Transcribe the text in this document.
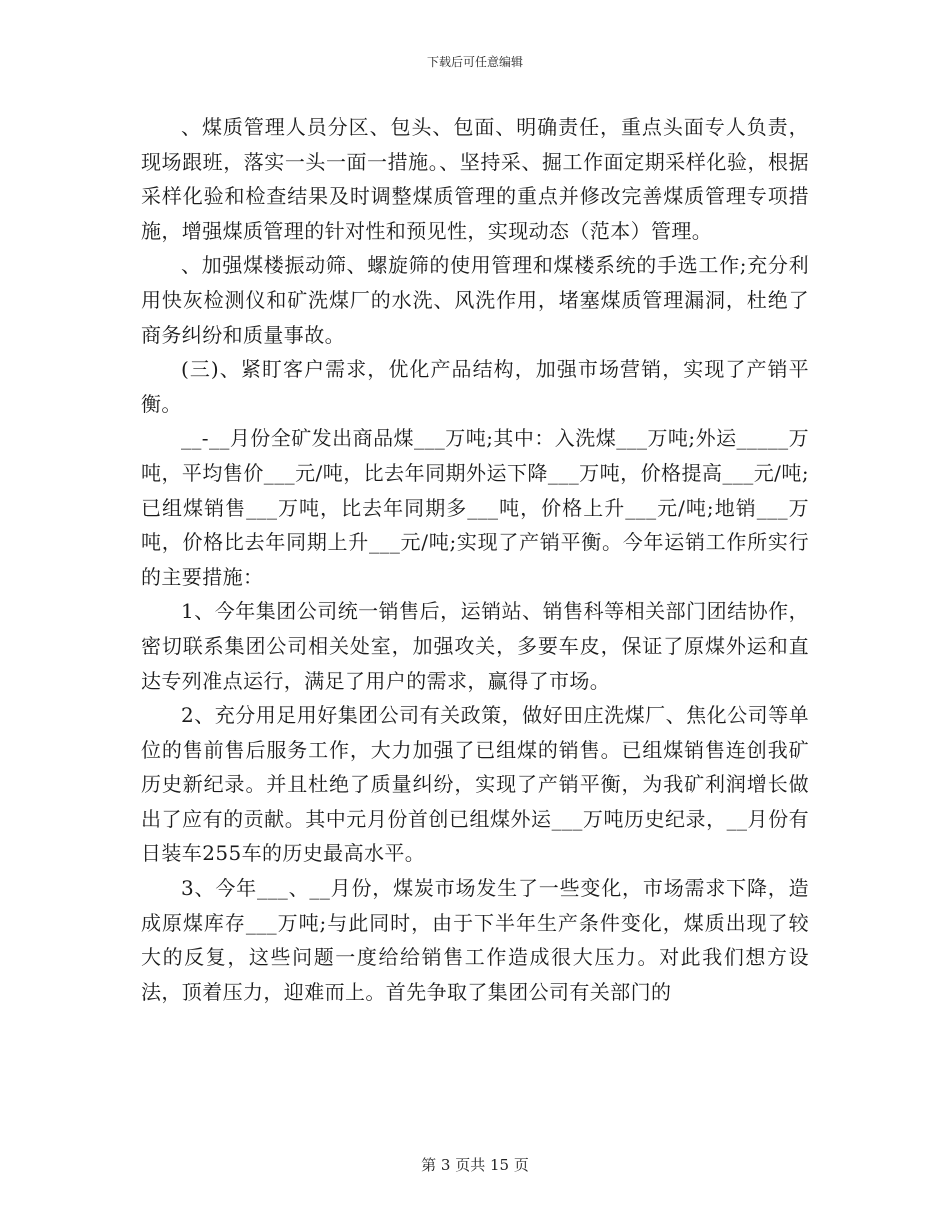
下载后可任意编辑

、煤质管理人员分区、包头、包面、明确责任，重点头面专人负责，现场跟班，落实一头一面一措施。、坚持采、掘工作面定期采样化验，根据采样化验和检查结果及时调整煤质管理的重点并修改完善煤质管理专项措施，增强煤质管理的针对性和预见性，实现动态（范本）管理。

、加强煤楼振动筛、螺旋筛的使用管理和煤楼系统的手选工作;充分利用快灰检测仪和矿洗煤厂的水洗、风洗作用，堵塞煤质管理漏洞，杜绝了商务纠纷和质量事故。

(三)、紧盯客户需求，优化产品结构，加强市场营销，实现了产销平衡。

__-__月份全矿发出商品煤___万吨;其中：入洗煤___万吨;外运_____万吨，平均售价___元/吨，比去年同期外运下降___万吨，价格提高___元/吨;已组煤销售___万吨，比去年同期多___吨，价格上升___元/吨;地销___万吨，价格比去年同期上升___元/吨;实现了产销平衡。今年运销工作所实行的主要措施：

1、今年集团公司统一销售后，运销站、销售科等相关部门团结协作，密切联系集团公司相关处室，加强攻关，多要车皮，保证了原煤外运和直达专列准点运行，满足了用户的需求，赢得了市场。

2、充分用足用好集团公司有关政策，做好田庄洗煤厂、焦化公司等单位的售前售后服务工作，大力加强了已组煤的销售。已组煤销售连创我矿历史新纪录。并且杜绝了质量纠纷，实现了产销平衡，为我矿利润增长做出了应有的贡献。其中元月份首创已组煤外运___万吨历史纪录，__月份有日装车255车的历史最高水平。

3、今年___、__月份，煤炭市场发生了一些变化，市场需求下降，造成原煤库存___万吨;与此同时，由于下半年生产条件变化，煤质出现了较大的反复，这些问题一度给给销售工作造成很大压力。对此我们想方设法，顶着压力，迎难而上。首先争取了集团公司有关部门的

第 3 页共 15 页
